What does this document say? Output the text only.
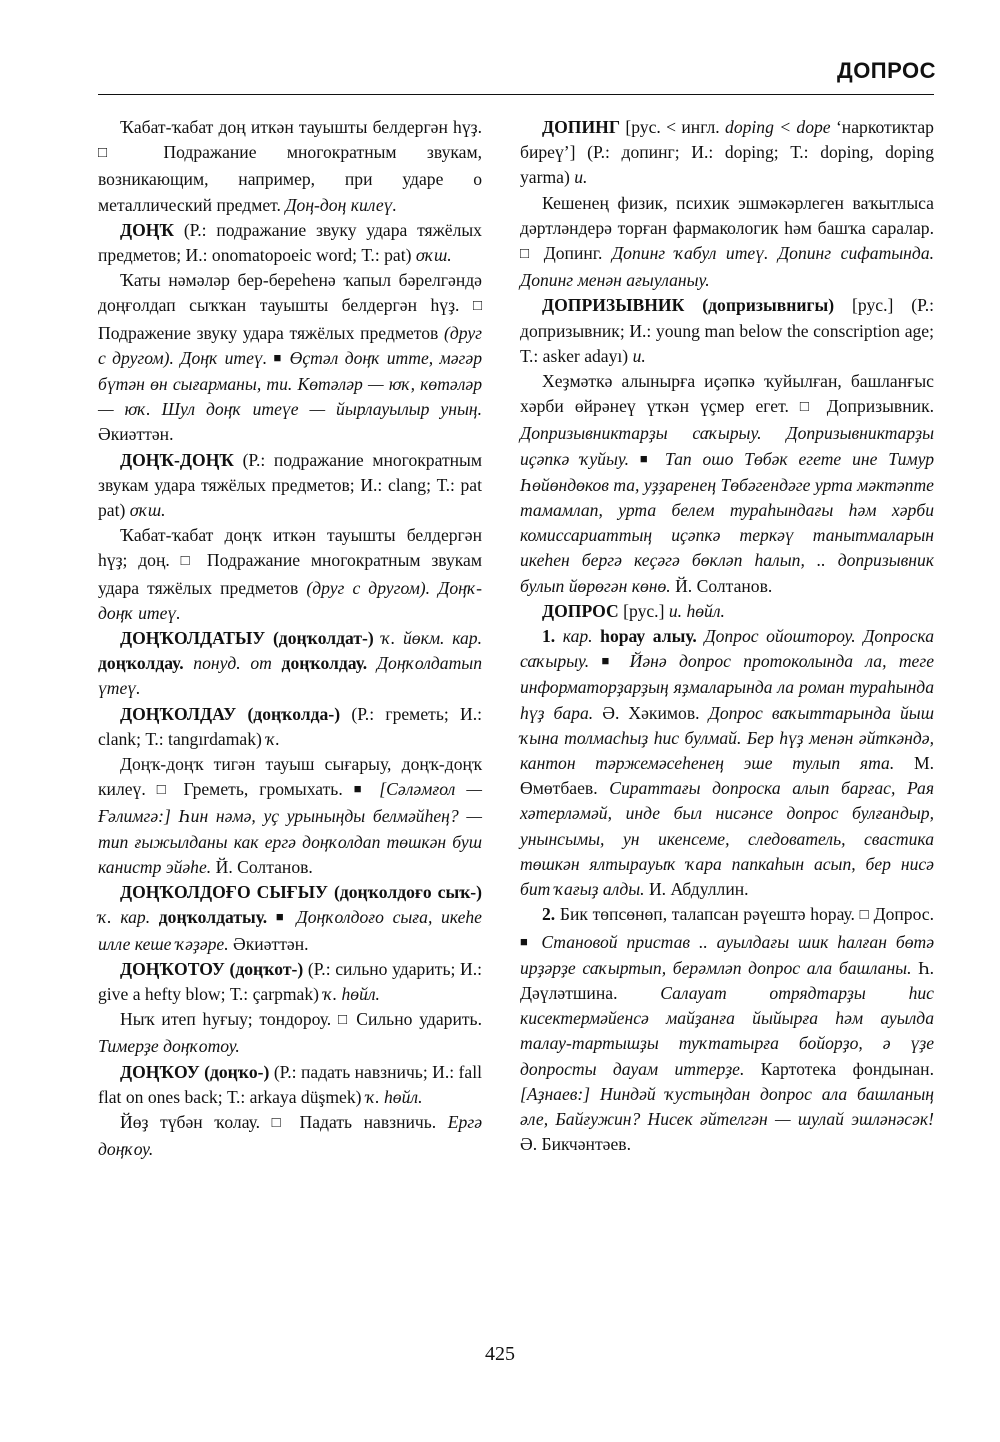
ДОПРОС

Ҡабат-ҡабат доң иткән тауышты белдергән һүҙ. □ Подражание многократным звукам, возникающим, например, при ударе о металлический предмет. Доң-доң килеү.

ДОҢҠ (Р.: подражание звуку удара тяжёлых предметов; И.: onomatopoeic word; Т.: pat) оҡш.

Ҡаты нәмәләр бер-береһенә ҡапыл бәрелгәндә доңғолдап сыҡҡан тауышты белдергән һүҙ. □ Подражение звуку удара тяжёлых предметов (друг с другом). Доңҡ итеү. ■ Өҫтәл доңҡ итте, мәгәр бүтән өн сығарманы, ти. Көтәләр — юҡ, көтәләр — юҡ. Шул доңҡ итеүе — йырлауылыр уның. Әкиәттән.

ДОҢҠ-ДОҢҠ (Р.: подражание многократным звукам удара тяжёлых предметов; И.: clang; Т.: pat pat) оҡш.

Ҡабат-ҡабат доңҡ иткән тауышты белдергән һүҙ; доң. □ Подражание многократным звукам удара тяжёлых предметов (друг с другом). Доңҡ-доңҡ итеү.

ДОҢҠОЛДАТЫУ (доңҡолдат-) ҡ. йөкм. кар. доңҡолдау. понуд. от доңҡолдау. Доңҡолдатып үтеү.

ДОҢҠОЛДАУ (доңҡолда-) (Р.: греметь; И.: clank; Т.: tangırdamak) ҡ.

Доңҡ-доңҡ тигән тауыш сығарыу, доңҡ-доңҡ килеү. □ Греметь, громыхать. ■ [Сәләмғол — Ғәлимгә:] Һин нәмә, уҫ урыныңды белмәйһең? — тип ғыжылданы как ергә доңҡолдап төшкән буш канистр эйәһе. Й. Солтанов.

ДОҢҠОЛДОҒО СЫҒЫУ (доңҡолдоғо сыҡ-) ҡ. кар. доңҡолдатыу. ■ Доңҡолдоғо сыға, икеһе илле кеше ҡәҙәре. Әкиәттән.

ДОҢҠОТОУ (доңҡот-) (Р.: сильно ударить; И.: give a hefty blow; Т.: çarpmak) ҡ. һөйл.

Ныҡ итеп һуғыу; тондороу. □ Сильно ударить. Тимерҙе доңҡотоу.

ДОҢҠОУ (доңҡо-) (Р.: падать навзничь; И.: fall flat on ones back; Т.: arkaya düşmek) ҡ. һөйл.

Йөҙ түбән ҡолау. □ Падать навзничь. Ергә доңҡоу.

ДОПИНГ [рус. < ингл. doping < dope ‘наркотиктар биреү’] (Р.: допинг; И.: doping; Т.: doping, doping yarma) и.

Кешенең физик, психик эшмәкәрлеген ваҡытлыса дәртләндерә торған фармакологик һәм башҡа саралар. □ Допинг. Допинг ҡабул итеү. Допинг сифатында. Допинг менән ағыуланыу.

ДОПРИЗЫВНИК (допризывнигы) [рус.] (Р.: допризывник; И.: young man below the conscription age; Т.: asker adayı) и.

Хеҙмәткә алынырға иҫәпкә ҡуйылған, башланғыс хәрби өйрәнеү үткән үҫмер егет. □ Допризывник. Допризывниктарҙы саҡырыу. Допризывниктарҙы иҫәпкә ҡуйыу. ■ Тап ошо Төбәк егете ине Тимур Һөйөндөков та, уҙҙаренең Төбәгендәге урта мәктәпте тамамлап, урта белем тураһындағы һәм хәрби комиссариаттың иҫәпкә теркәү танытмаларын икеһен бергә кеҫәгә бөкләп һалып, .. допризывник булып йөрөгән көнө. Й. Солтанов.

ДОПРОС [рус.] и. һөйл.

1. кар. һорау алыу. Допрос ойоштороу. Допроска саҡырыу. ■ Йәнә допрос протоколында ла, теге информаторҙарҙың яҙмаларында ла роман тураһында һүҙ бара. Ә. Хәкимов. Допрос ваҡыттарында йыш ҡына толмасһыҙ һис булмай. Бер һүҙ менән әйткәндә, кантон тәржемәсеһенең эше тулып ята. М. Өмөтбаев. Сираттағы допроска алып барғас, Рая хәтерләмәй, инде был нисәнсе допрос булғандыр, унынсымы, ун икенсеме, следователь, свастика төшкән ялтырауыҡ ҡара папкаһын асып, бер нисә бит ҡағыҙ алды. И. Абдуллин.

2. Бик төпсөнөп, талапсан рәүештә һорау. □ Допрос. ■ Становой пристав .. ауылдағы шик һалған бөтә ирҙәрҙе саҡыртып, берәмләп допрос ала башланы. Һ. Дәүләтшина. Салауат отрядтарҙы һис кисектермәйенсә майҙанға йыйырға һәм ауылда талау-тартышҙы туҡтатырға бойорҙо, ә үҙе допросты дауам иттерҙе. Картотека фондынан. [Аҙнаев:] Ниндәй ҡустыңдан допрос ала башланың әле, Байғужин? Нисек әйтелгән — шулай эшләнәсәк! Ә. Бикчәнтәев.

425
